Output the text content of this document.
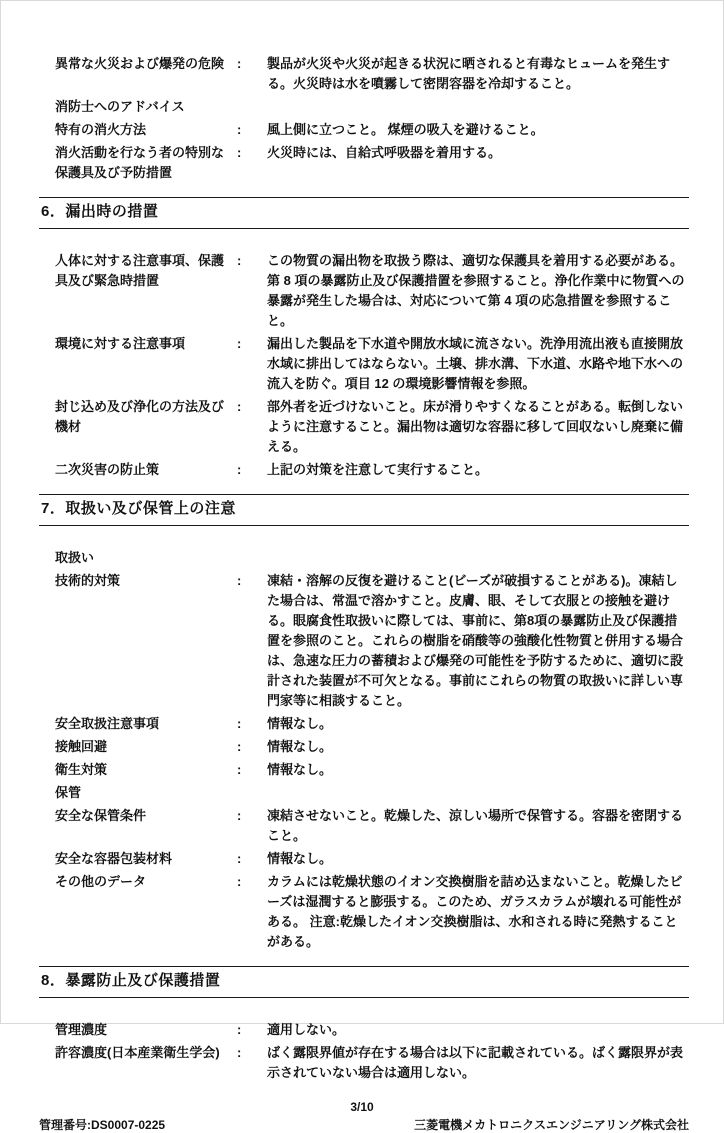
異常な火災および爆発の危険 :	製品が火災や火災が起きる状況に晒されると有毒なヒュームを発生する。火災時は水を噴霧して密閉容器を冷却すること。
消防士へのアドバイス
特有の消火方法	:	風上側に立つこと。 煤煙の吸入を避けること。
消火活動を行なう者の特別な保護具及び予防措置
:	火災時には、自給式呼吸器を着用する。
6．漏出時の措置
人体に対する注意事項、保護具及び緊急時措置
:	この物質の漏出物を取扱う際は、適切な保護具を着用する必要がある。第 8 項の暴露防止及び保護措置を参照すること。浄化作業中に物質への暴露が発生した場合は、対応について第 4 項の応急措置を参照すること。
環境に対する注意事項	:	漏出した製品を下水道や開放水域に流さない。洗浄用流出液も直接開放水域に排出してはならない。土壌、排水溝、下水道、水路や地下水への流入を防ぐ。項目 12 の環境影響情報を参照。
封じ込め及び浄化の方法及び機材
:	部外者を近づけないこと。床が滑りやすくなることがある。転倒しないように注意すること。漏出物は適切な容器に移して回収ないし廃棄に備える。
二次災害の防止策	:	上記の対策を注意して実行すること。
7．取扱い及び保管上の注意
取扱い
技術的対策	:	凍結・溶解の反復を避けること(ビーズが破損することがある)。凍結した場合は、常温で溶かすこと。皮膚、眼、そして衣服との接触を避ける。眼腐食性取扱いに際しては、事前に、第8項の暴露防止及び保護措置を参照のこと。これらの樹脂を硝酸等の強酸化性物質と併用する場合は、急速な圧力の蓄積および爆発の可能性を予防するために、適切に設計された装置が不可欠となる。事前にこれらの物質の取扱いに詳しい専門家等に相談すること。
安全取扱注意事項	:	情報なし。
接触回避	:	情報なし。
衛生対策	:	情報なし。
保管
安全な保管条件	:	凍結させないこと。乾燥した、涼しい場所で保管する。容器を密閉すること。
安全な容器包装材料	:	情報なし。
その他のデータ	:	カラムには乾燥状態のイオン交換樹脂を詰め込まないこと。乾燥したビーズは湿潤すると膨張する。このため、ガラスカラムが壊れる可能性がある。 注意:乾燥したイオン交換樹脂は、水和される時に発熱することがある。
8．暴露防止及び保護措置
管理濃度	:	適用しない。
許容濃度(日本産業衛生学会)	:	ばく露限界値が存在する場合は以下に記載されている。ばく露限界が表示されていない場合は適用しない。
3/10
管理番号:DS0007-0225	三菱電機メカトロニクスエンジニアリング株式会社
